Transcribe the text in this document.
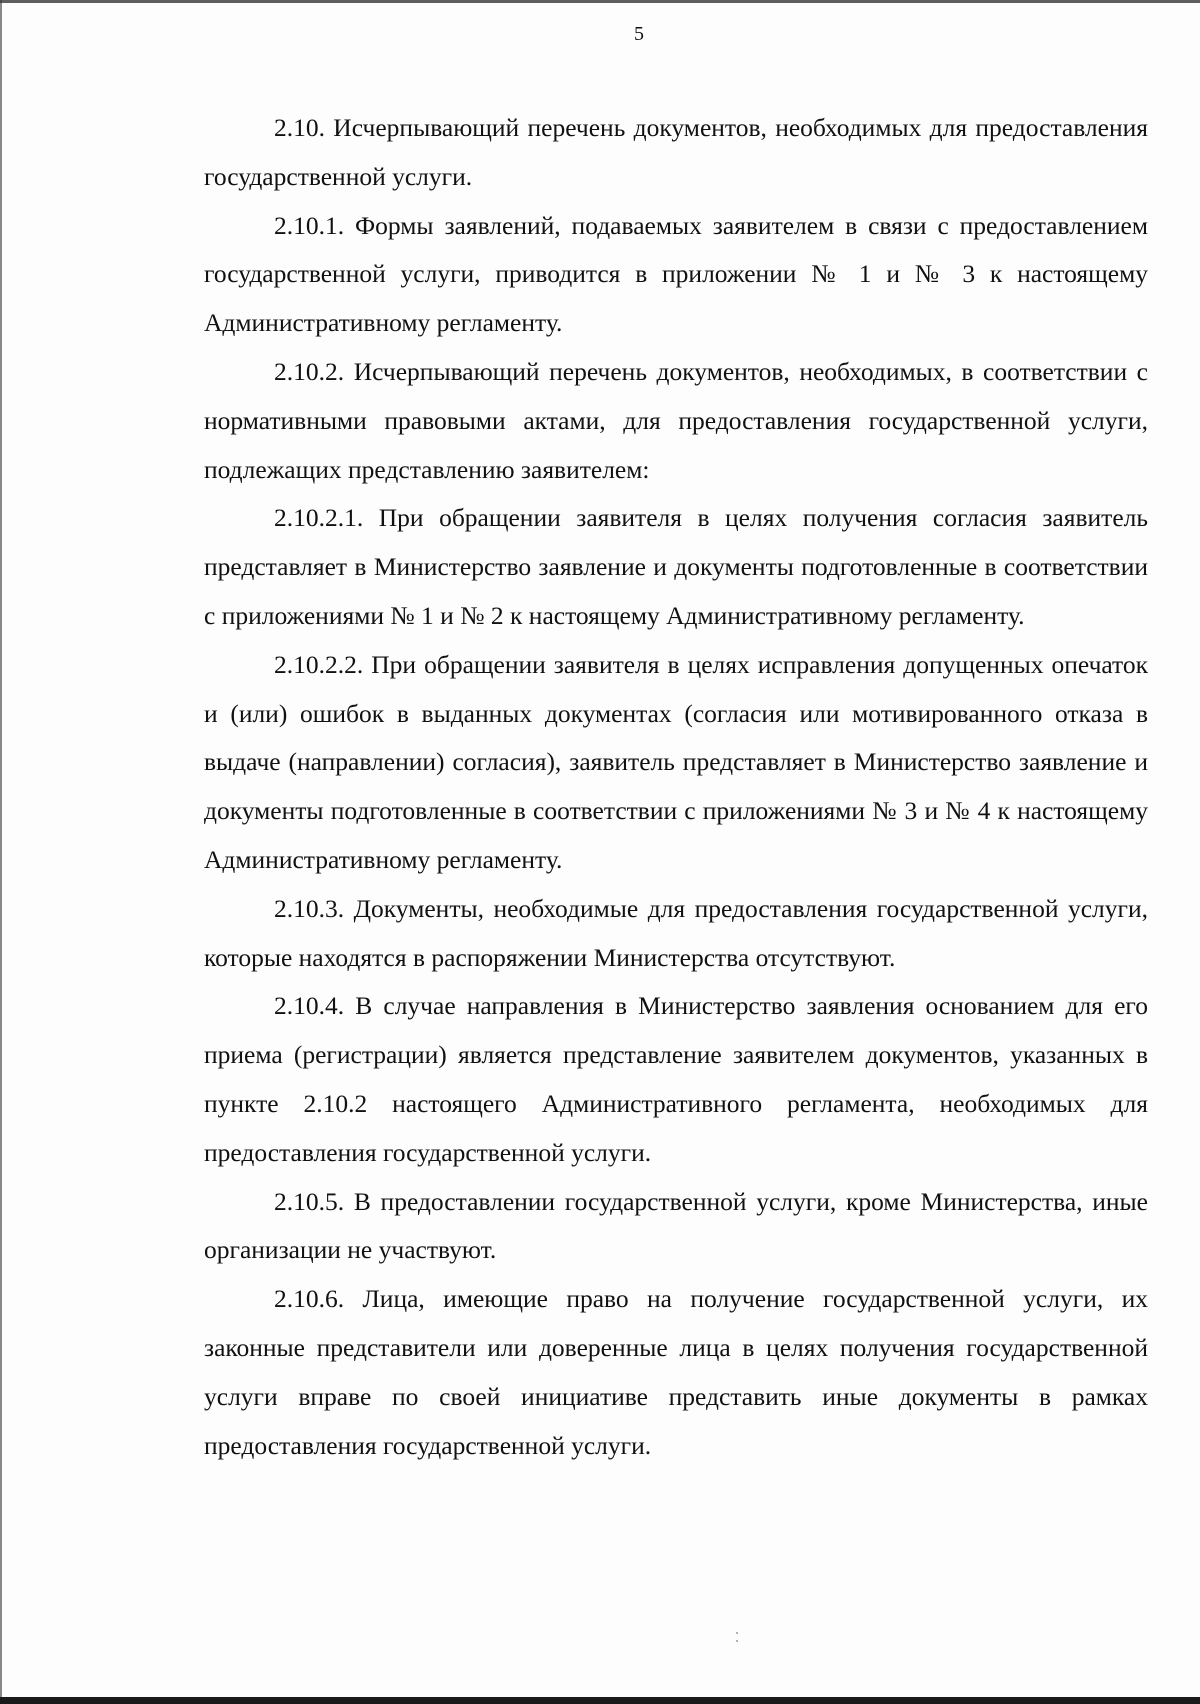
5

2.10. Исчерпывающий перечень документов, необходимых для предоставления государственной услуги.

2.10.1. Формы заявлений, подаваемых заявителем в связи с предоставлением государственной услуги, приводится в приложении № 1 и № 3 к настоящему Административному регламенту.

2.10.2. Исчерпывающий перечень документов, необходимых, в соответствии с нормативными правовыми актами, для предоставления государственной услуги, подлежащих представлению заявителем:

2.10.2.1. При обращении заявителя в целях получения согласия заявитель представляет в Министерство заявление и документы подготовленные в соответствии с приложениями № 1 и № 2 к настоящему Административному регламенту.

2.10.2.2. При обращении заявителя в целях исправления допущенных опечаток и (или) ошибок в выданных документах (согласия или мотивированного отказа в выдаче (направлении) согласия), заявитель представляет в Министерство заявление и документы подготовленные в соответствии с приложениями № 3 и № 4 к настоящему Административному регламенту.

2.10.3. Документы, необходимые для предоставления государственной услуги, которые находятся в распоряжении Министерства отсутствуют.

2.10.4. В случае направления в Министерство заявления основанием для его приема (регистрации) является представление заявителем документов, указанных в пункте 2.10.2 настоящего Административного регламента, необходимых для предоставления государственной услуги.

2.10.5. В предоставлении государственной услуги, кроме Министерства, иные организации не участвуют.

2.10.6. Лица, имеющие право на получение государственной услуги, их законные представители или доверенные лица в целях получения государственной услуги вправе по своей инициативе представить иные документы в рамках предоставления государственной услуги.
